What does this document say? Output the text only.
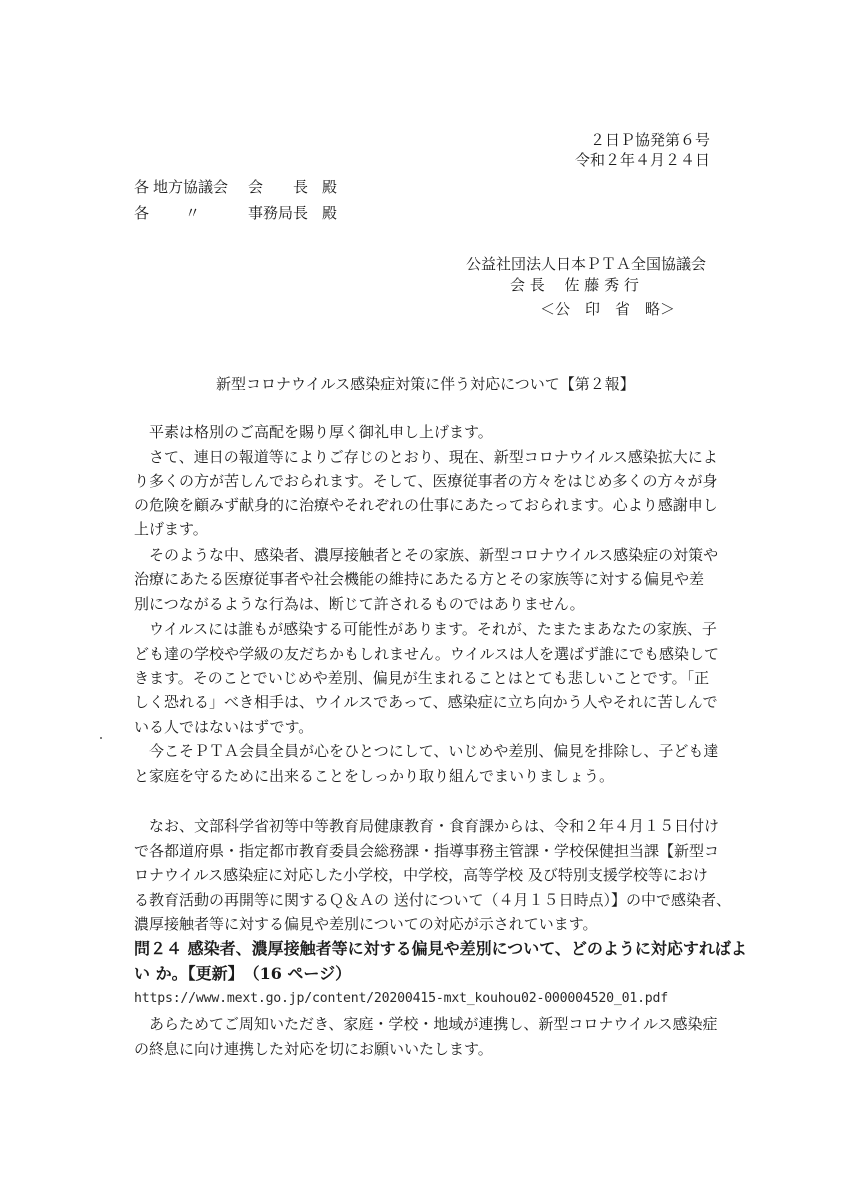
２日Ｐ協発第６号
令和２年４月２４日
各 地方協議会 会　　長 殿
各 〃	事務局長 殿
公益社団法人日本ＰＴＡ全国協議会
会 長　 佐 藤 秀 行
＜公　印　省　略＞
新型コロナウイルス感染症対策に伴う対応について【第２報】
平素は格別のご高配を賜り厚く御礼申し上げます。
さて、連日の報道等によりご存じのとおり、現在、新型コロナウイルス感染拡大によ
り多くの方が苦しんでおられます。そして、医療従事者の方々をはじめ多くの方々が身
の危険を顧みず献身的に治療やそれぞれの仕事にあたっておられます。心より感謝申し
上げます。
そのような中、感染者、濃厚接触者とその家族、新型コロナウイルス感染症の対策や
治療にあたる医療従事者や社会機能の維持にあたる方とその家族等に対する偏見や差
別につながるような行為は、断じて許されるものではありません。
ウイルスには誰もが感染する可能性があります。それが、たまたまあなたの家族、子
ども達の学校や学級の友だちかもしれません。ウイルスは人を選ばず誰にでも感染して
きます。そのことでいじめや差別、偏見が生まれることはとても悲しいことです。「正
しく恐れる」べき相手は、ウイルスであって、感染症に立ち向かう人やそれに苦しんで
いる人ではないはずです。
今こそＰＴＡ会員全員が心をひとつにして、いじめや差別、偏見を排除し、子ども達
と家庭を守るために出来ることをしっかり取り組んでまいりましょう。
なお、文部科学省初等中等教育局健康教育・食育課からは、令和２年４月１５日付け
で各都道府県・指定都市教育委員会総務課・指導事務主管課・学校保健担当課【新型コ
ロナウイルス感染症に対応した小学校，中学校，高等学校 及び特別支援学校等におけ
る教育活動の再開等に関するＱ＆Ａの 送付について（４月１５日時点）】の中で感染者、
濃厚接触者等に対する偏見や差別についての対応が示されています。
問２４ 感染者、濃厚接触者等に対する偏見や差別について、どのように対応すればよ
い か。【更新】　（16 ページ）
https://www.mext.go.jp/content/20200415-mxt_kouhou02-000004520_01.pdf
あらためてご周知いただき、家庭・学校・地域が連携し、新型コロナウイルス感染症
の終息に向け連携した対応を切にお願いいたします。
